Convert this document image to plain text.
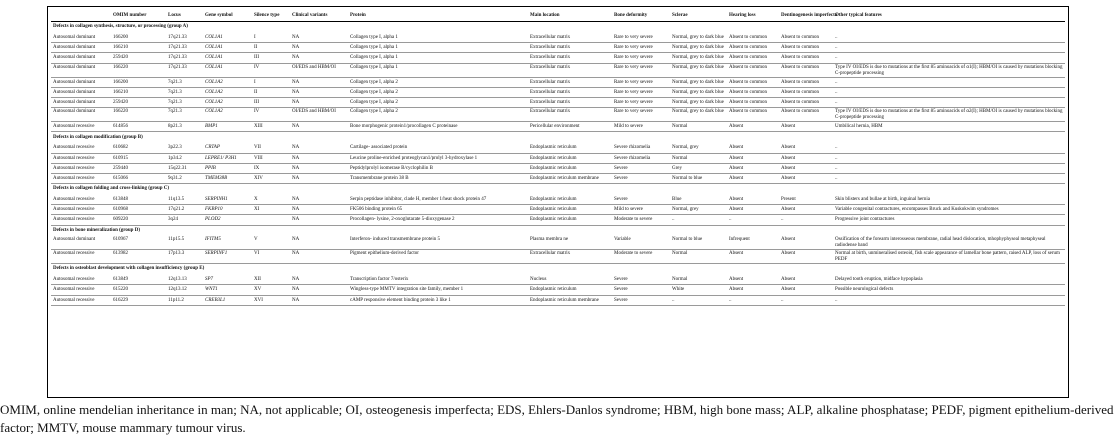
	OMIM number	Locus	Gene symbol	Silence type	Clinical variants	Protein	Main location	Bone deformity	Sclerae	Hearing loss	Dentinogenesis imperfecta	Other typical features
Defects in collagen synthesis, structure, or processing (group A)												
Autosomal dominant	166200	17q21.33	COL1A1	I	NA	Collagen type I, alpha 1	Extracellular matrix	Rare to very severe	Normal, grey to dark blue	Absent to common	Absent to common	..
Autosomal dominant	166210	17q21.33	COL1A1	II	NA	Collagen type I, alpha 1	Extracellular matrix	Rare to very severe	Normal, grey to dark blue	Absent to common	Absent to common	..
Autosomal dominant	259420	17q21.33	COL1A1	III	NA	Collagen type I, alpha 1	Extracellular matrix	Rare to very severe	Normal, grey to dark blue	Absent to common	Absent to common	..
Autosomal dominant	166220	17q21.33	COL1A1	IV	OI/EDS and HBM/OI	Collagen type I, alpha 1	Extracellular matrix	Rare to very severe	Normal, grey to dark blue	Absent to common	Absent to common	Type IV OI/EDS is due to mutations at the first 85 aminoacids of α1(I); HBM/OI is caused by mutations blocking C-propeptide processing
Autosomal dominant	166200	7q21.3	COL1A2	I	NA	Collagen type I, alpha 2	Extracellular matrix	Rare to very severe	Normal, grey to dark blue	Absent to common	Absent to common	..
Autosomal dominant	166210	7q21.3	COL1A2	II	NA	Collagen type I, alpha 2	Extracellular matrix	Rare to very severe	Normal, grey to dark blue	Absent to common	Absent to common	..
Autosomal dominant	259420	7q21.3	COL1A2	III	NA	Collagen type I, alpha 2	Extracellular matrix	Rare to very severe	Normal, grey to dark blue	Absent to common	Absent to common	..
Autosomal dominant	166220	7q21.3	COL1A2	IV	OI/EDS and HBM/OI	Collagen type I, alpha 2	Extracellular matrix	Rare to very severe	Normal, grey to dark blue	Absent to common	Absent to common	Type IV OI/EDS is due to mutations at the first 85 aminoacids of α2(I); HBM/OI is caused by mutations blocking C-propeptide processing
Autosomal recessive	614856	8p21.3	BMP1	XIII	NA	Bone morphogenic protein1/procollagen C proteinase	Pericellular environment	Mild to severe	Normal	Absent	Absent	Umbilical hernia, HBM
Defects in collagen modification (group B)												
Autosomal recessive	610682	3p22.3	CRTAP	VII	NA	Cartilage- associated protein	Endoplasmic reticulum	Severe rhizomelia	Normal, grey	Absent	Absent	..
Autosomal recessive	610915	1p34.2	LEPRE1/ P3H1	VIII	NA	Leucine proline-enriched proteoglycan1/prolyl 3-hydroxylase 1	Endoplasmic reticulum	Severe rhizomelia	Normal	Absent	Absent	..
Autosomal recessive	259440	15q22.31	PPIB	IX	NA	Peptidylprolyl isomerase B/cyclophilin B	Endoplasmic reticulum	Severe	Grey	Absent	Absent	..
Autosomal recessive	615066	9q31.2	TMEM38B	XIV	NA	Transmembrane protein 38 B	Endoplasmic reticulum membrane	Severe	Normal to blue	Absent	Absent	..
Defects in collagen folding and cross-linking (group C)												
Autosomal recessive	613848	11q13.5	SERPINH1	X	NA	Serpin peptidase inhibitor, clade H, member 1/heat shock protein 47	Endoplasmic reticulum	Severe	Blue	Absent	Present	Skin blisters and bullae at birth, inguinal hernia
Autosomal recessive	610968	17q21.2	FKBP10	XI	NA	FK506 binding protein 65	Endoplasmic reticulum	Mild to severe	Normal, grey	Absent	Absent	Variable congenital contractures, encompasses Bruck and Kuskokwim syndromes
Autosomal recessive	609220	3q24	PLOD2		NA	Procollagen- lysine, 2-oxoglutarate 5-dioxygenase 2	Endoplasmic reticulum	Moderate to severe	..	..	..	Progressive joint contractures
Defects in bone mineralization (group D)												
Autosomal dominant	610967	11p15.5	IFITM5	V	NA	Interferon- induced transmembrane protein 5	Plasma membra ne	Variable	Normal to blue	Infrequent	Absent	Ossification of the forearm interosseous membrane, radial head dislocation, mhophyphyseal metaphyseal radiodense band
Autosomal recessive	613982	17p13.3	SERPINF1	VI	NA	Pigment epithelium-derived factor	Extracellular matrix	Moderate to severe	Normal	Absent	Absent	Normal at birth, unmineralised osteoid, fish scale appearance of lamellar bone pattern, raised ALP, loss of serum PEDF
Defects in osteoblast development with collagen insufficiency (group E)												
Autosomal recessive	613849	12q13.13	SP7	XII	NA	Transcription factor 7/osterix	Nucleus	Severe	Normal	Absent	Absent	Delayed tooth eruption, midface hypoplasia
Autosomal recessive	615220	12q13.12	WNT1	XV	NA	Wingless-type MMTV integration site family, member 1	Endoplasmic reticulum	Severe	White	Absent	Absent	Possible neurological defects
Autosomal recessive	616229	11p11.2	CREB3L1	XVI	NA	cAMP responsive element binding protein 3 like 1	Endoplasmic reticulum membrane	Severe	..	..	..	..
OMIM, online mendelian inheritance in man; NA, not applicable; OI, osteogenesis imperfecta; EDS, Ehlers-Danlos syndrome; HBM, high bone mass; ALP, alkaline phosphatase; PEDF, pigment epithelium-derived factor; MMTV, mouse mammary tumour virus.
